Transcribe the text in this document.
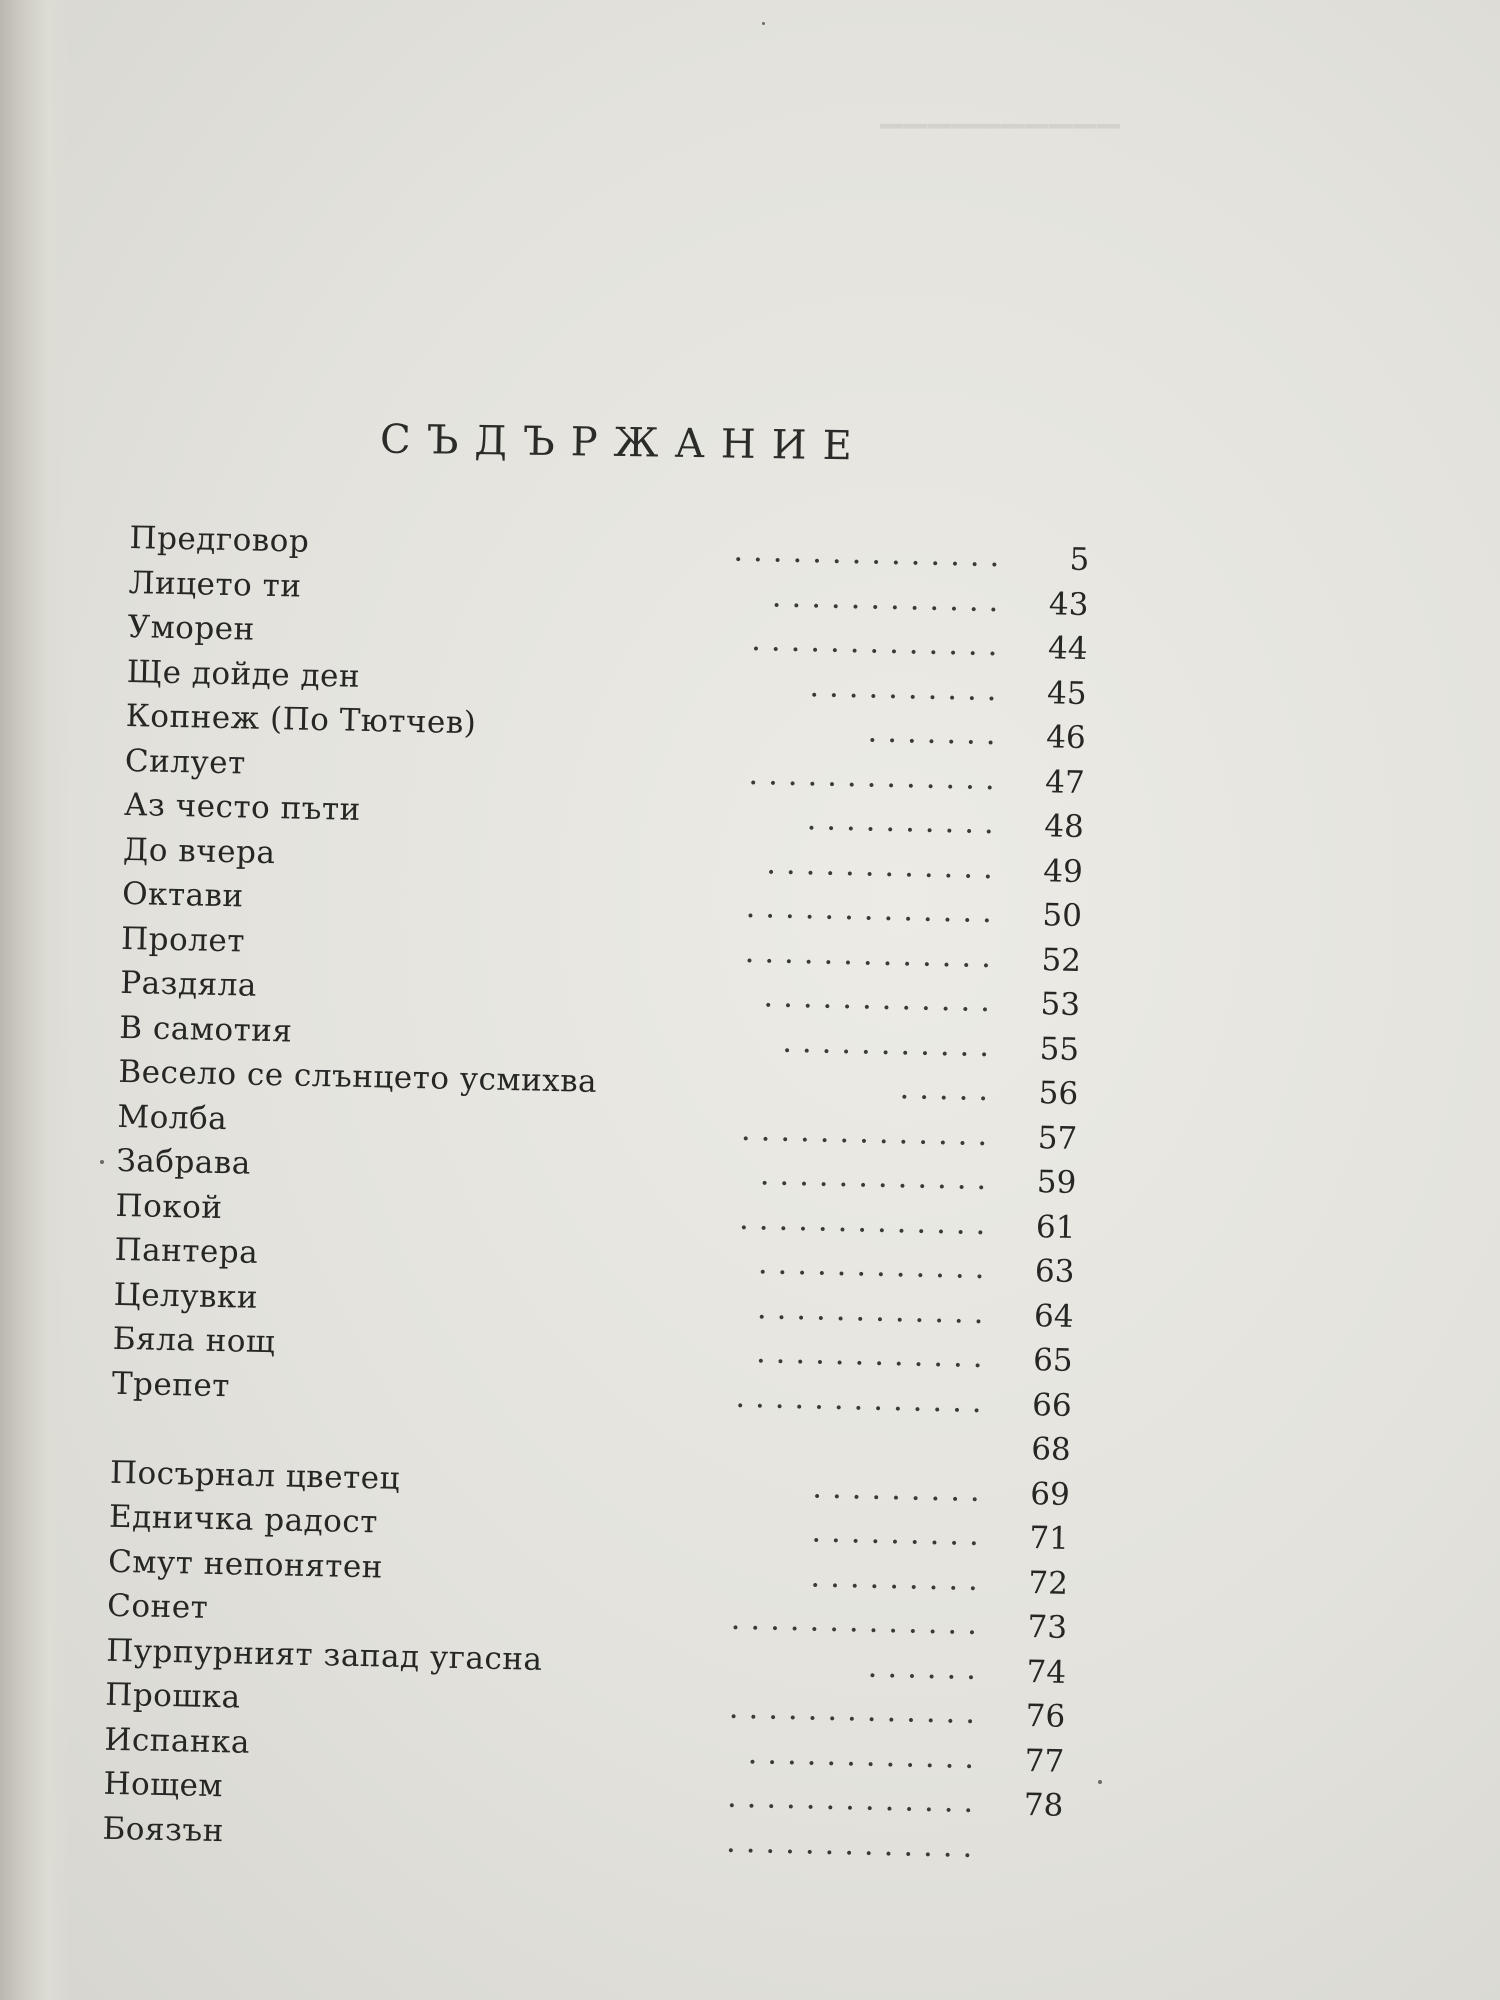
▁▁▁▁▁▁▁▁▁▁
СЪДЪРЖАНИЕ
Предговор	. . . . . . . . . . . . . .	5
Лицето ти	. . . . . . . . . . . .	43
Уморен	. . . . . . . . . . . . .	44
Ще дойде ден	. . . . . . . . . .	45
Копнеж (По Тютчев)	. . . . . . .	46
Силует	. . . . . . . . . . . . .	47
Аз често пъти	. . . . . . . . . .	48
До вчера	. . . . . . . . . . . .	49
Октави	. . . . . . . . . . . . .	50
Пролет	. . . . . . . . . . . . .	52
Раздяла	. . . . . . . . . . . .	53
В самотия	. . . . . . . . . . .	55
Весело се слънцето усмихва	. . . . .	56
Молба	. . . . . . . . . . . . .	57
Забрава	. . . . . . . . . . . .	59
Покой	. . . . . . . . . . . . .	61
Пантера	. . . . . . . . . . . .	63
Целувки	. . . . . . . . . . . .	64
Бяла нощ	. . . . . . . . . . . .	65
Трепет	. . . . . . . . . . . . .	66
68
Посърнал цветец	. . . . . . . . .	69
Едничка радост	. . . . . . . . .	71
Смут непонятен	. . . . . . . . .	72
Сонет	. . . . . . . . . . . . .	73
Пурпурният запад угасна	. . . . . .	74
Прошка	. . . . . . . . . . . . .	76
Испанка	. . . . . . . . . . . .	77
Нощем	. . . . . . . . . . . . .	78
Боязън	. . . . . . . . . . . . .
